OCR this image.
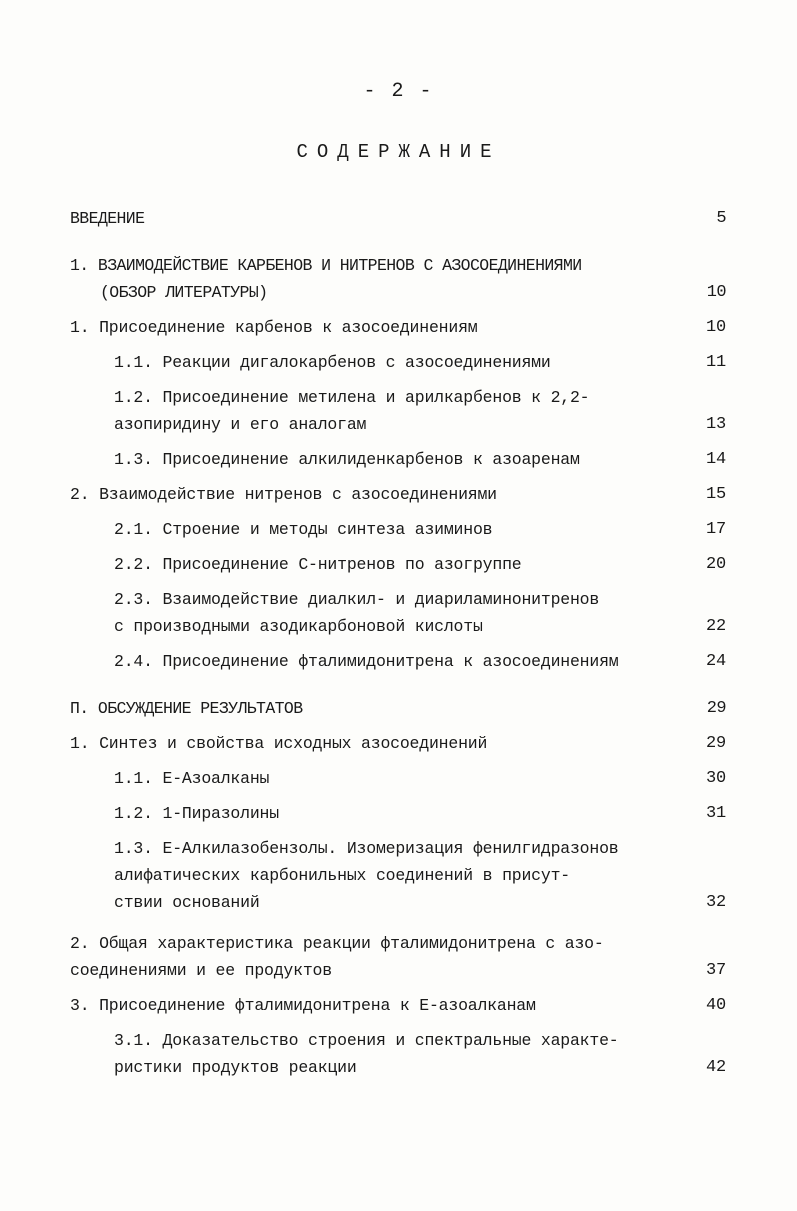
- 2 -
СОДЕРЖАНИЕ
ВВЕДЕНИЕ	5
1. ВЗАИМОДЕЙСТВИЕ КАРБЕНОВ И НИТРЕНОВ С АЗОСОЕДИНЕНИЯМИ
(ОБЗОР ЛИТЕРАТУРЫ)	10
1. Присоединение карбенов к азосоединениям	10
1.1. Реакции дигалокарбенов с азосоединениями	11
1.2. Присоединение метилена и арилкарбенов к 2,2-
азопиридину и его аналогам	13
1.3. Присоединение алкилиденкарбенов к азоаренам	14
2. Взаимодействие нитренов с азосоединениями	15
2.1. Строение и методы синтеза азиминов	17
2.2. Присоединение С-нитренов по азогруппе	20
2.3. Взаимодействие диалкил- и диариламинонитренов
с производными азодикарбоновой кислоты	22
2.4. Присоединение фталимидонитрена к азосоединениям	24
П. ОБСУЖДЕНИЕ РЕЗУЛЬТАТОВ	29
1. Синтез и свойства исходных азосоединений	29
1.1. Е-Азоалканы	30
1.2. 1-Пиразолины	31
1.3. Е-Алкилазобензолы. Изомеризация фенилгидразонов
алифатических карбонильных соединений в присут-
ствии оснований	32
2. Общая характеристика реакции фталимидонитрена с азо-
соединениями и ее продуктов	37
3. Присоединение фталимидонитрена к Е-азоалканам	40
3.1. Доказательство строения и спектральные характе-
ристики продуктов реакции	42
